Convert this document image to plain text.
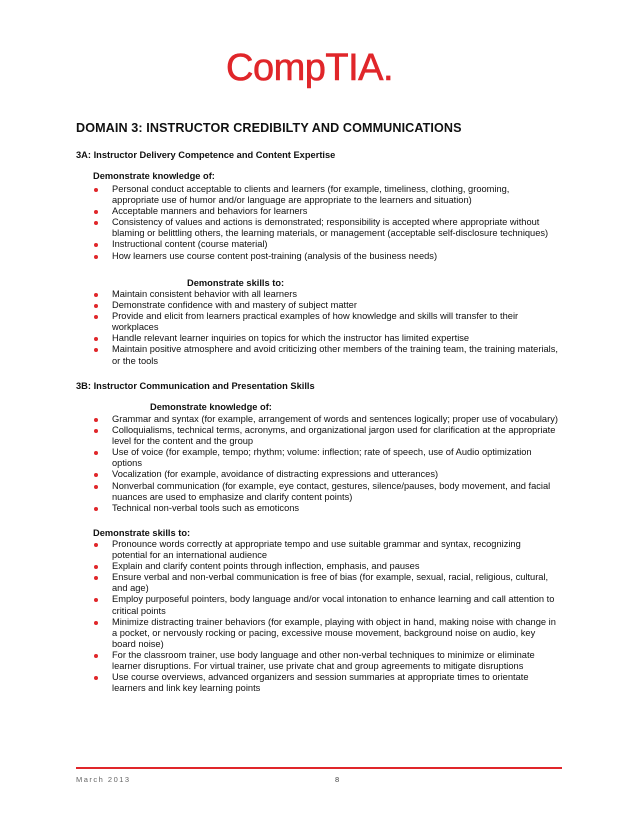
CompTIA.
DOMAIN 3: INSTRUCTOR CREDIBILTY AND COMMUNICATIONS
3A: Instructor Delivery Competence and Content Expertise
Demonstrate knowledge of:
Personal conduct acceptable to clients and learners (for example, timeliness, clothing, grooming,
appropriate use of humor and/or language are appropriate to the learners and situation)
Acceptable manners and behaviors for learners
Consistency of values and actions is demonstrated; responsibility is accepted where appropriate without
blaming or belittling others, the learning materials, or management (acceptable self-disclosure techniques)
Instructional content (course material)
How learners use course content post-training (analysis of the business needs)
Demonstrate skills to:
Maintain consistent behavior with all learners
Demonstrate confidence with and mastery of subject matter
Provide and elicit from learners practical examples of how knowledge and skills will transfer to their
workplaces
Handle relevant learner inquiries on topics for which the instructor has limited expertise
Maintain positive atmosphere and avoid criticizing other members of the training team, the training materials,
or the tools
3B: Instructor Communication and Presentation Skills
Demonstrate knowledge of:
Grammar and syntax (for example, arrangement of words and sentences logically; proper use of vocabulary)
Colloquialisms, technical terms, acronyms, and organizational jargon used for clarification at the appropriate
level for the content and the group
Use of voice (for example, tempo; rhythm; volume: inflection; rate of speech, use of Audio optimization
options
Vocalization (for example, avoidance of distracting expressions and utterances)
Nonverbal communication (for example, eye contact, gestures, silence/pauses, body movement, and facial
nuances are used to emphasize and clarify content points)
Technical non-verbal tools such as emoticons
Demonstrate skills to:
Pronounce words correctly at appropriate tempo and use suitable grammar and syntax, recognizing
potential for an international audience
Explain and clarify content points through inflection, emphasis, and pauses
Ensure verbal and non-verbal communication is free of bias (for example, sexual, racial, religious, cultural,
and age)
Employ purposeful pointers, body language and/or vocal intonation to enhance learning and call attention to
critical points
Minimize distracting trainer behaviors (for example, playing with object in hand, making noise with change in
a pocket, or nervously rocking or pacing, excessive mouse movement, background noise on audio, key
board noise)
For the classroom trainer, use body language and other non-verbal techniques to minimize or eliminate
learner disruptions. For virtual trainer, use private chat and group agreements to mitigate disruptions
Use course overviews, advanced organizers and session summaries at appropriate times to orientate
learners and link key learning points
March 2013	8
